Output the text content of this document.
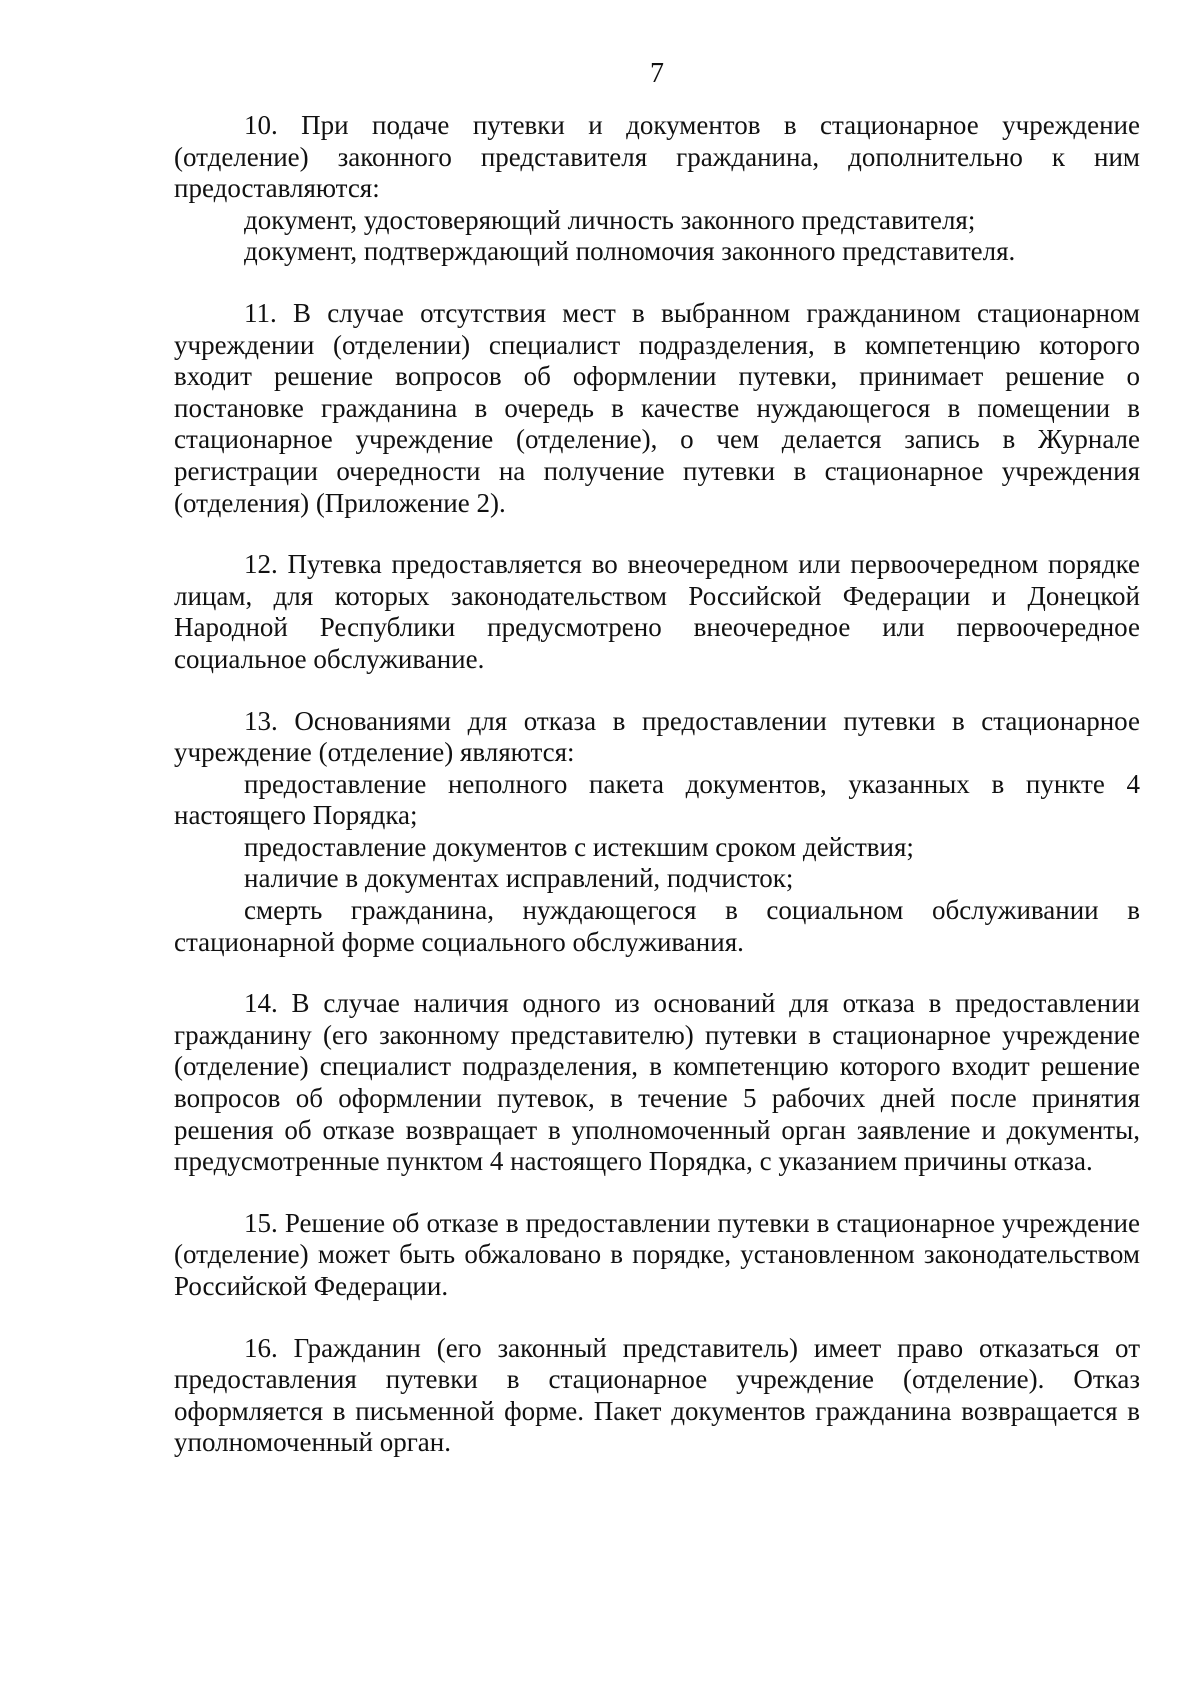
7

10. При подаче путевки и документов в стационарное учреждение (отделение) законного представителя гражданина, дополнительно к ним предоставляются:

документ, удостоверяющий личность законного представителя;

документ, подтверждающий полномочия законного представителя.

11. В случае отсутствия мест в выбранном гражданином стационарном учреждении (отделении) специалист подразделения, в компетенцию которого входит решение вопросов об оформлении путевки, принимает решение о постановке гражданина в очередь в качестве нуждающегося в помещении в стационарное учреждение (отделение), о чем делается запись в Журнале регистрации очередности на получение путевки в стационарное учреждения (отделения) (Приложение 2).

12. Путевка предоставляется во внеочередном или первоочередном порядке лицам, для которых законодательством Российской Федерации и Донецкой Народной Республики предусмотрено внеочередное или первоочередное социальное обслуживание.

13. Основаниями для отказа в предоставлении путевки в стационарное учреждение (отделение) являются:

предоставление неполного пакета документов, указанных в пункте 4 настоящего Порядка;

предоставление документов с истекшим сроком действия;

наличие в документах исправлений, подчисток;

смерть гражданина, нуждающегося в социальном обслуживании в стационарной форме социального обслуживания.

14. В случае наличия одного из оснований для отказа в предоставлении гражданину (его законному представителю) путевки в стационарное учреждение (отделение) специалист подразделения, в компетенцию которого входит решение вопросов об оформлении путевок, в течение 5 рабочих дней после принятия решения об отказе возвращает в уполномоченный орган заявление и документы, предусмотренные пунктом 4 настоящего Порядка, с указанием причины отказа.

15. Решение об отказе в предоставлении путевки в стационарное учреждение (отделение) может быть обжаловано в порядке, установленном законодательством Российской Федерации.

16. Гражданин (его законный представитель) имеет право отказаться от предоставления путевки в стационарное учреждение (отделение). Отказ оформляется в письменной форме. Пакет документов гражданина возвращается в уполномоченный орган.
